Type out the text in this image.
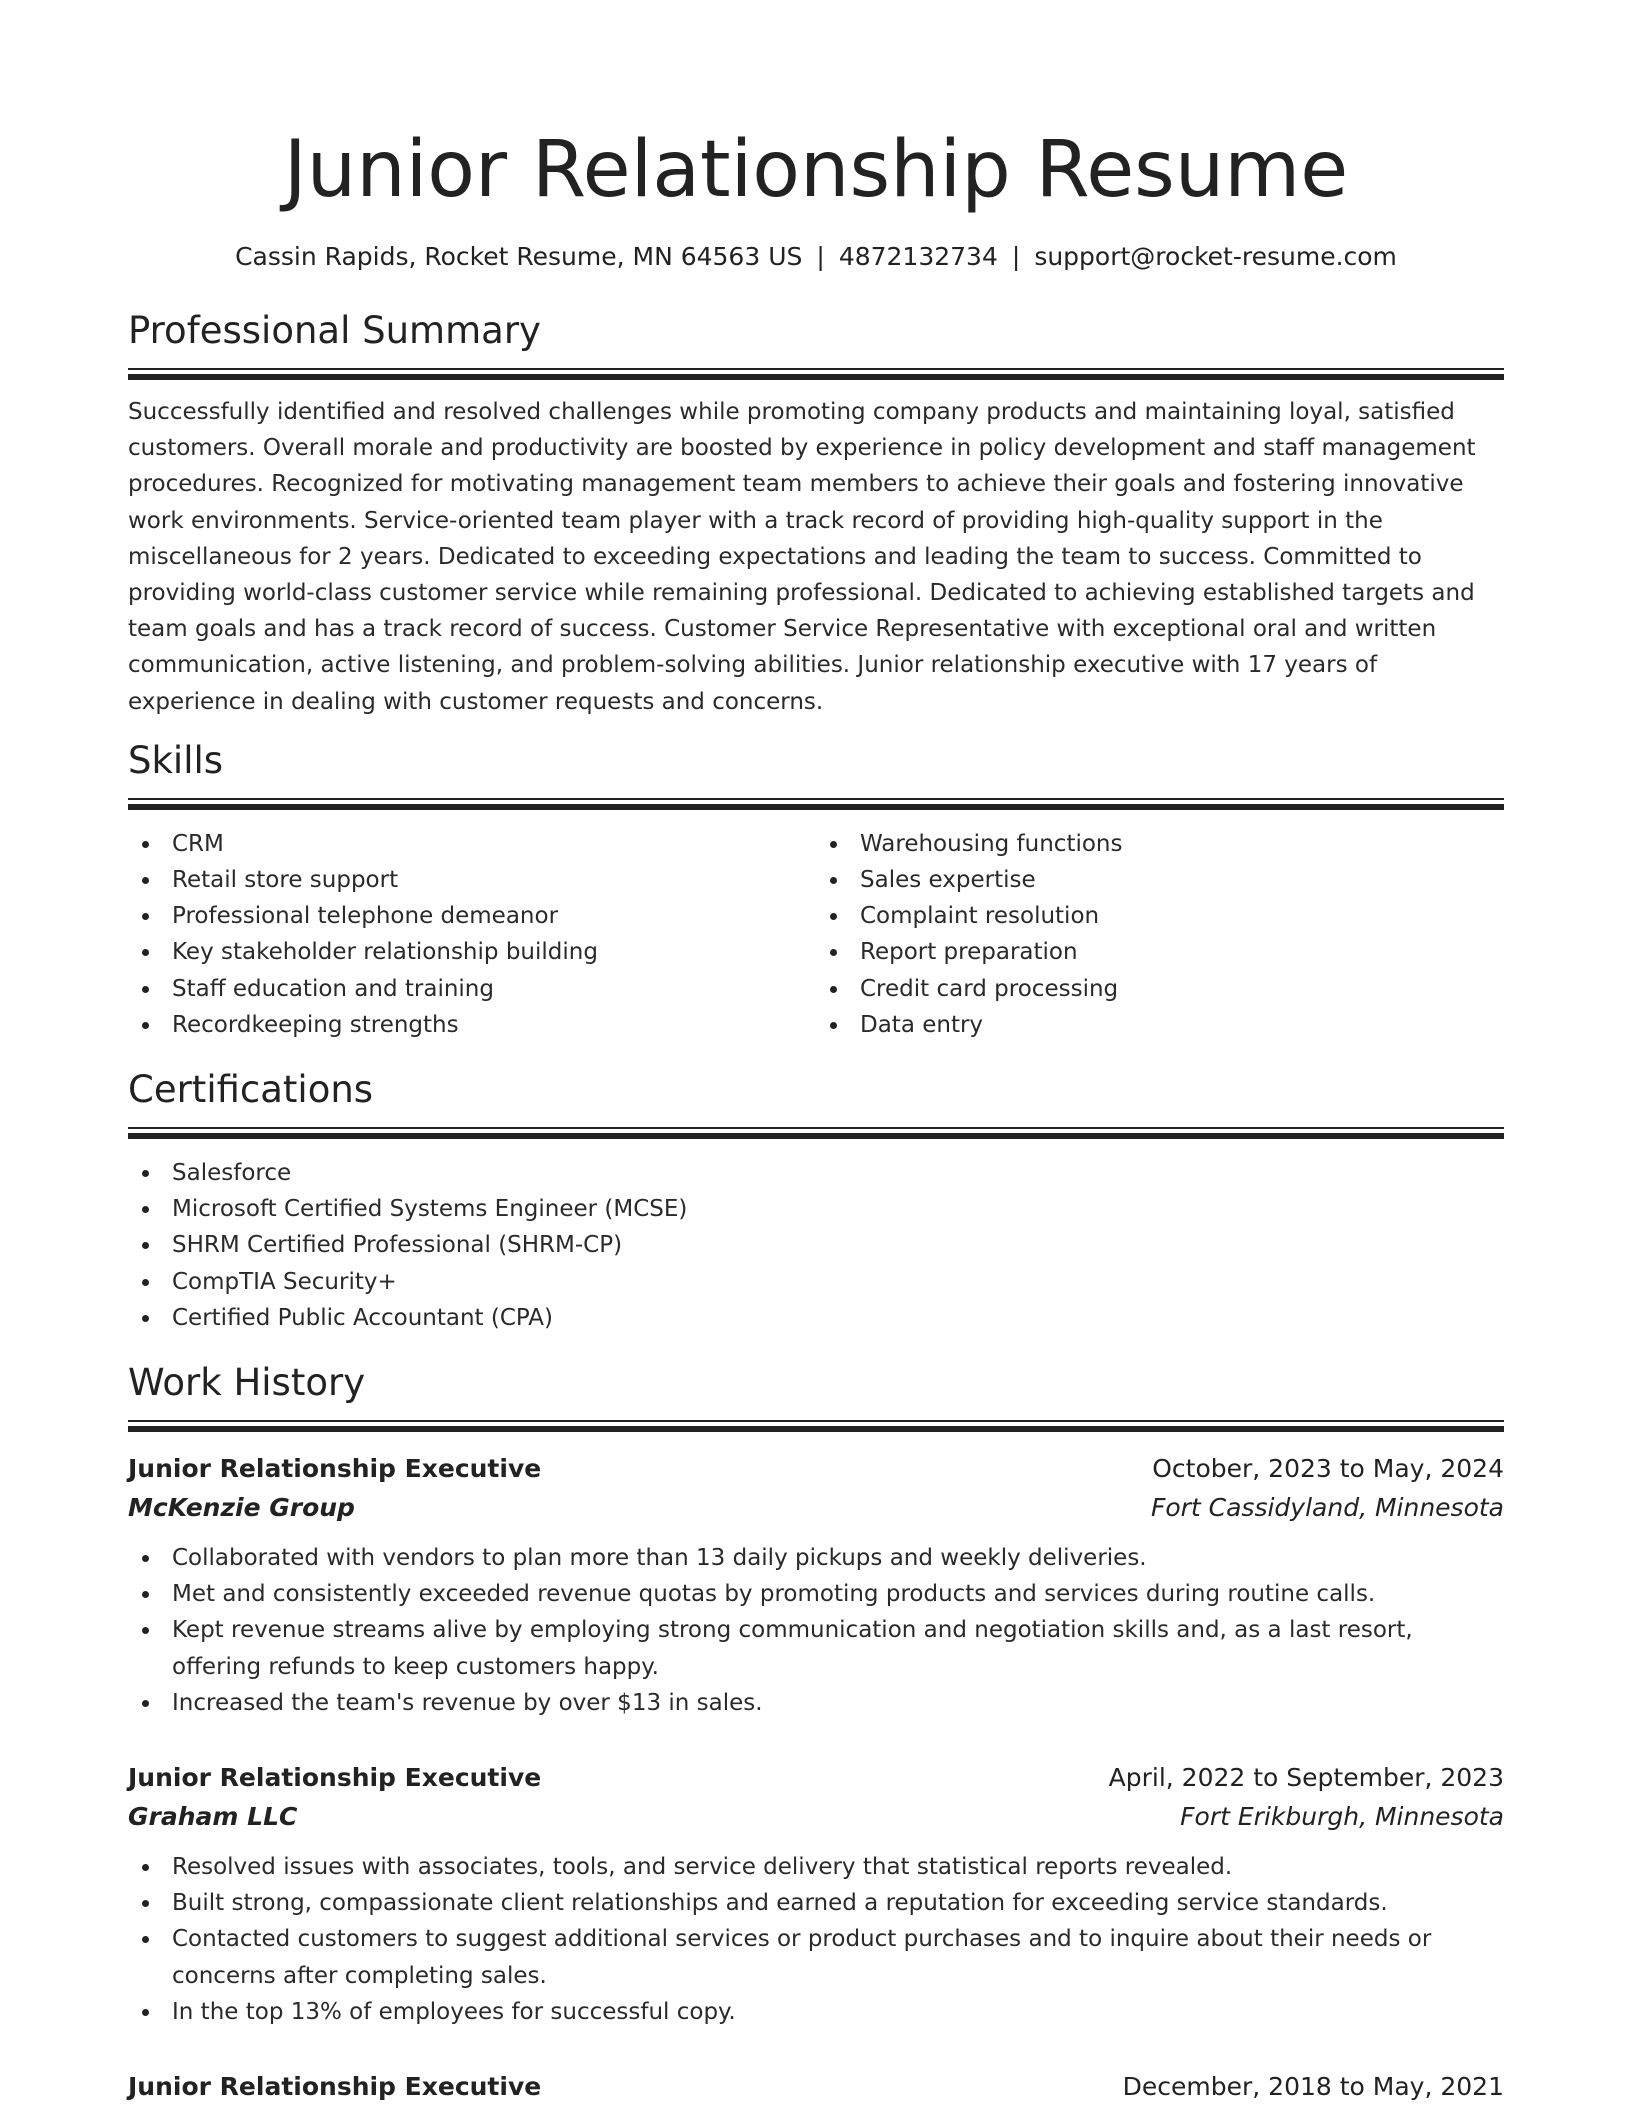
Junior Relationship Resume
Cassin Rapids, Rocket Resume, MN 64563 US | 4872132734 | support@rocket-resume.com
Professional Summary

Successfully identified and resolved challenges while promoting company products and maintaining loyal, satisfied customers. Overall morale and productivity are boosted by experience in policy development and staff management procedures. Recognized for motivating management team members to achieve their goals and fostering innovative work environments. Service-oriented team player with a track record of providing high-quality support in the miscellaneous for 2 years. Dedicated to exceeding expectations and leading the team to success. Committed to providing world-class customer service while remaining professional. Dedicated to achieving established targets and team goals and has a track record of success. Customer Service Representative with exceptional oral and written communication, active listening, and problem-solving abilities. Junior relationship executive with 17 years of experience in dealing with customer requests and concerns.

Skills
CRM
Retail store support
Professional telephone demeanor
Key stakeholder relationship building
Staff education and training
Recordkeeping strengths
Warehousing functions
Sales expertise
Complaint resolution
Report preparation
Credit card processing
Data entry
Certifications
Salesforce
Microsoft Certified Systems Engineer (MCSE)
SHRM Certified Professional (SHRM-CP)
CompTIA Security+
Certified Public Accountant (CPA)
Work History
Junior Relationship Executive	October, 2023 to May, 2024
McKenzie Group	Fort Cassidyland, Minnesota
Collaborated with vendors to plan more than 13 daily pickups and weekly deliveries.
Met and consistently exceeded revenue quotas by promoting products and services during routine calls.
Kept revenue streams alive by employing strong communication and negotiation skills and, as a last resort, offering refunds to keep customers happy.
Increased the team's revenue by over $13 in sales.
Junior Relationship Executive	April, 2022 to September, 2023
Graham LLC	Fort Erikburgh, Minnesota
Resolved issues with associates, tools, and service delivery that statistical reports revealed.
Built strong, compassionate client relationships and earned a reputation for exceeding service standards.
Contacted customers to suggest additional services or product purchases and to inquire about their needs or concerns after completing sales.
In the top 13% of employees for successful copy.
Junior Relationship Executive	December, 2018 to May, 2021
